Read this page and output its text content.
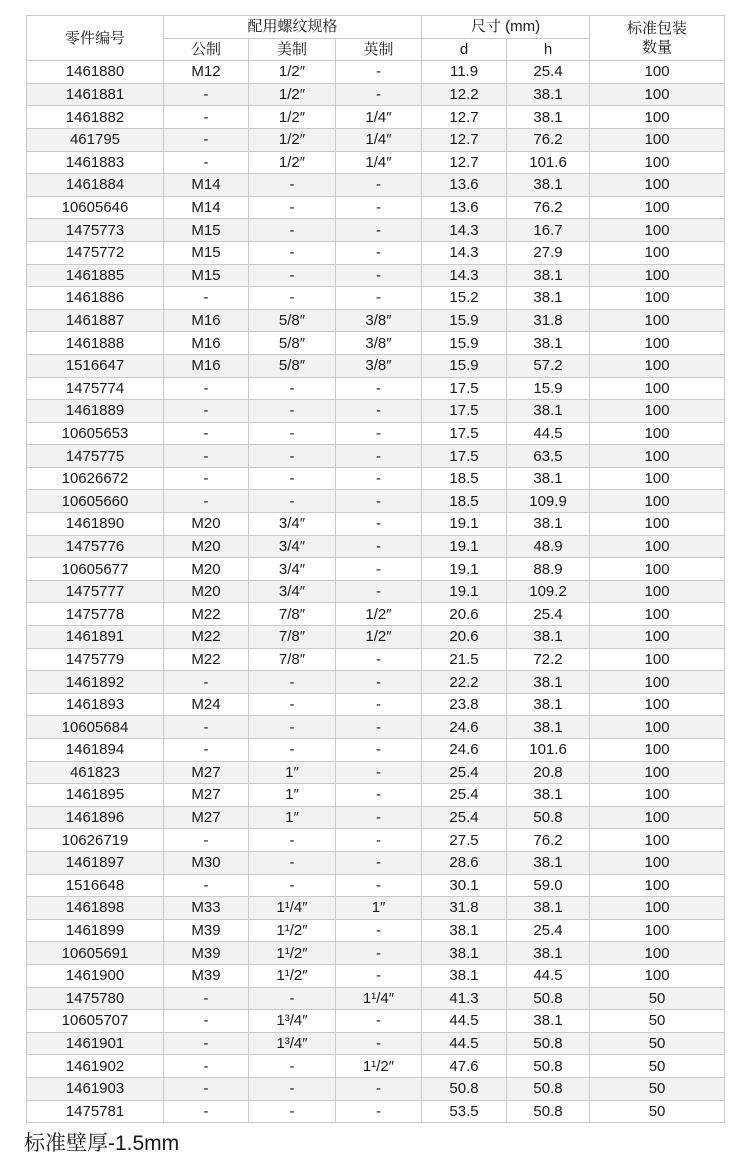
零件编号	配用螺纹规格			尺寸 (mm)		标准包装
数量
	公制	美制	英制	d	h	
1461880	M12	1/2″	-	11.9	25.4	100
1461881	-	1/2″	-	12.2	38.1	100
1461882	-	1/2″	1/4″	12.7	38.1	100
461795	-	1/2″	1/4″	12.7	76.2	100
1461883	-	1/2″	1/4″	12.7	101.6	100
1461884	M14	-	-	13.6	38.1	100
10605646	M14	-	-	13.6	76.2	100
1475773	M15	-	-	14.3	16.7	100
1475772	M15	-	-	14.3	27.9	100
1461885	M15	-	-	14.3	38.1	100
1461886	-	-	-	15.2	38.1	100
1461887	M16	5/8″	3/8″	15.9	31.8	100
1461888	M16	5/8″	3/8″	15.9	38.1	100
1516647	M16	5/8″	3/8″	15.9	57.2	100
1475774	-	-	-	17.5	15.9	100
1461889	-	-	-	17.5	38.1	100
10605653	-	-	-	17.5	44.5	100
1475775	-	-	-	17.5	63.5	100
10626672	-	-	-	18.5	38.1	100
10605660	-	-	-	18.5	109.9	100
1461890	M20	3/4″	-	19.1	38.1	100
1475776	M20	3/4″	-	19.1	48.9	100
10605677	M20	3/4″	-	19.1	88.9	100
1475777	M20	3/4″	-	19.1	109.2	100
1475778	M22	7/8″	1/2″	20.6	25.4	100
1461891	M22	7/8″	1/2″	20.6	38.1	100
1475779	M22	7/8″	-	21.5	72.2	100
1461892	-	-	-	22.2	38.1	100
1461893	M24	-	-	23.8	38.1	100
10605684	-	-	-	24.6	38.1	100
1461894	-	-	-	24.6	101.6	100
461823	M27	1″	-	25.4	20.8	100
1461895	M27	1″	-	25.4	38.1	100
1461896	M27	1″	-	25.4	50.8	100
10626719	-	-	-	27.5	76.2	100
1461897	M30	-	-	28.6	38.1	100
1516648	-	-	-	30.1	59.0	100
1461898	M33	1¹/4″	1″	31.8	38.1	100
1461899	M39	1¹/2″	-	38.1	25.4	100
10605691	M39	1¹/2″	-	38.1	38.1	100
1461900	M39	1¹/2″	-	38.1	44.5	100
1475780	-	-	1¹/4″	41.3	50.8	50
10605707	-	1³/4″	-	44.5	38.1	50
1461901	-	1³/4″	-	44.5	50.8	50
1461902	-	-	1¹/2″	47.6	50.8	50
1461903	-	-	-	50.8	50.8	50
1475781	-	-	-	53.5	50.8	50
标准壁厚-1.5mm
